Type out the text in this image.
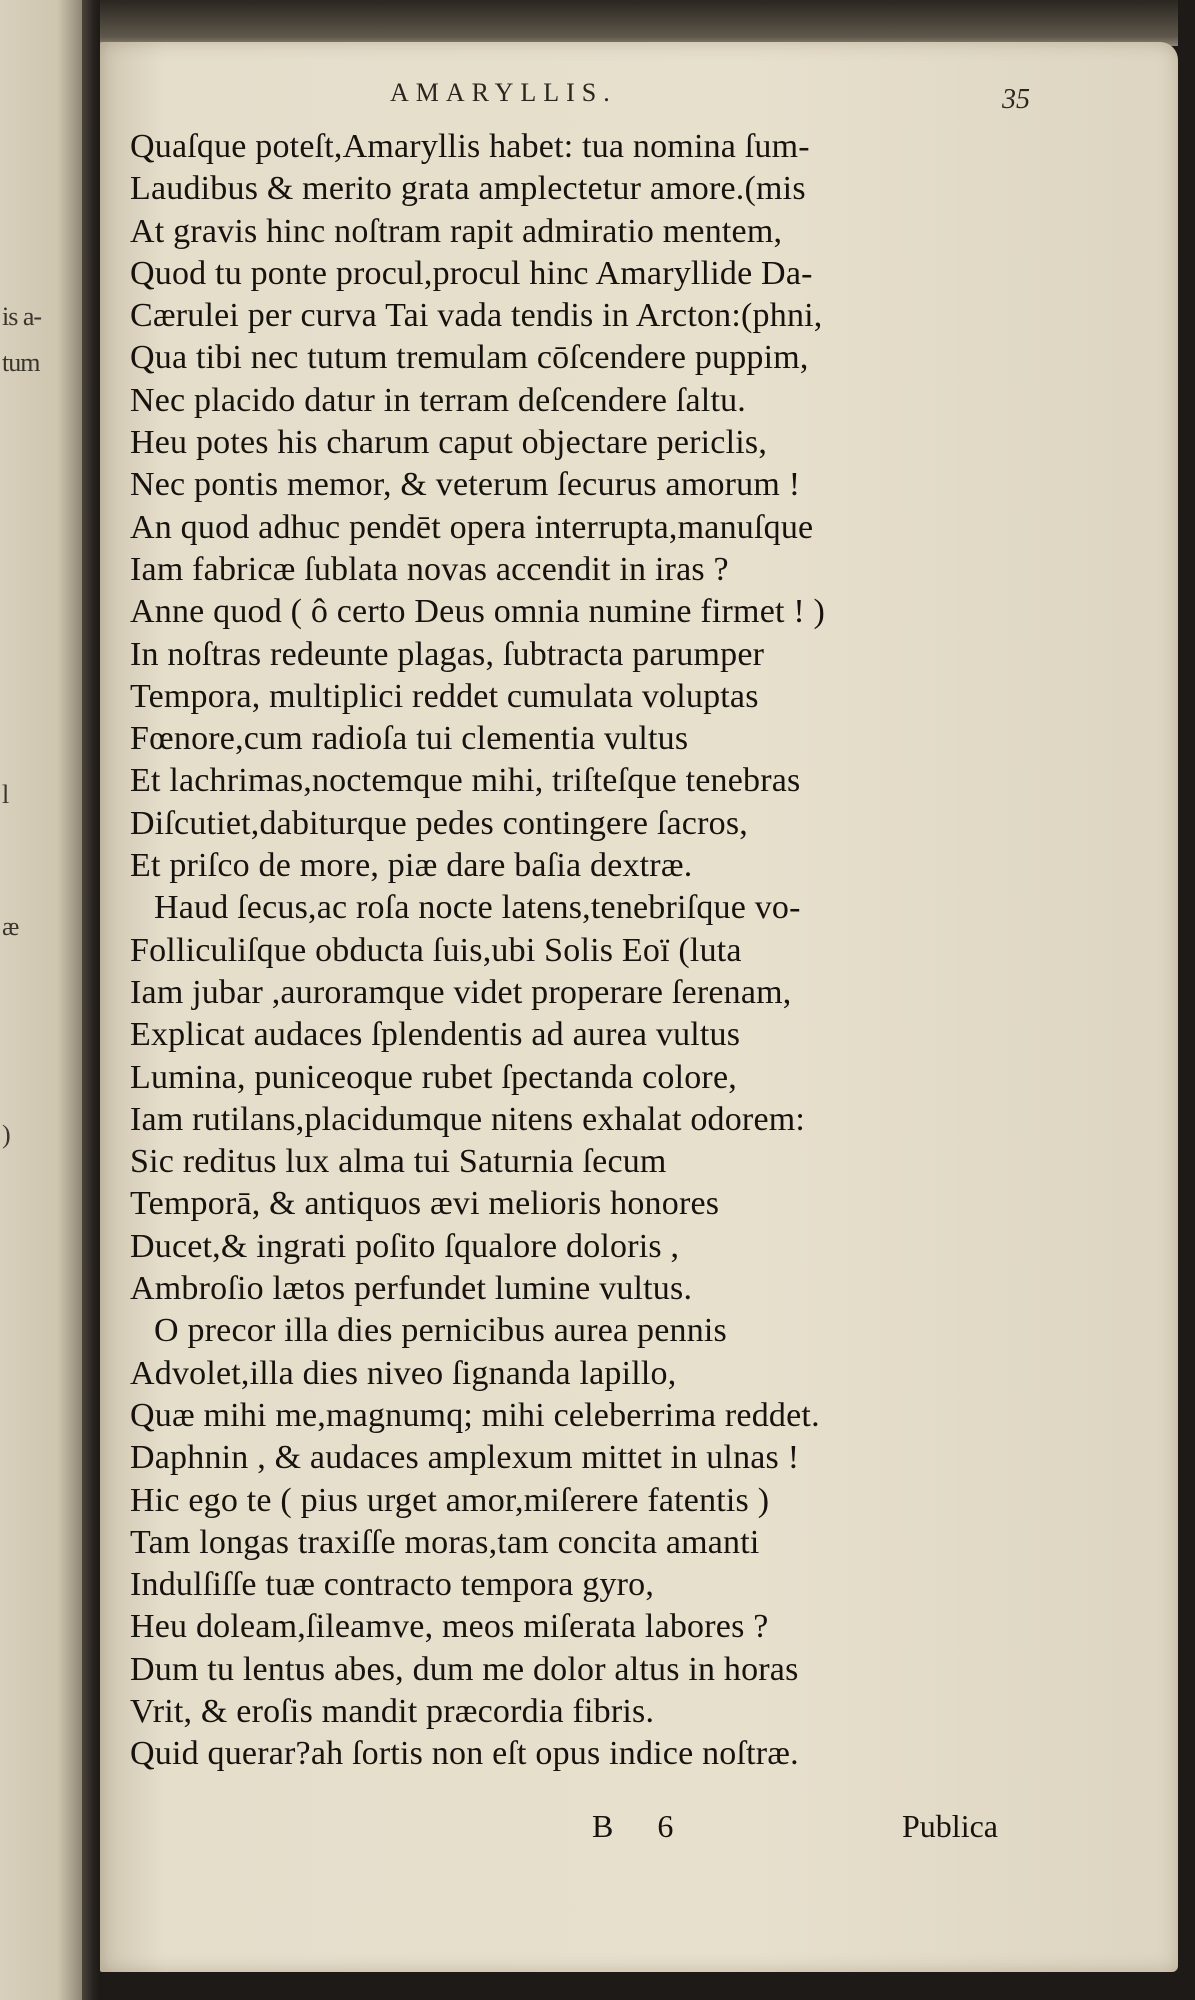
is a-
tum
l
æ
)
AMARYLLIS.	35
Quaſque poteſt,Amaryllis habet: tua nomina ſum-
Laudibus & merito grata amplectetur amore.(mis
At gravis hinc noſtram rapit admiratio mentem,
Quod tu ponte procul,procul hinc Amaryllide Da-
Cærulei per curva Tai vada tendis in Arcton:(phni,
Qua tibi nec tutum tremulam cōſcendere puppim,
Nec placido datur in terram deſcendere ſaltu.
Heu potes his charum caput objectare periclis,
Nec pontis memor, & veterum ſecurus amorum !
An quod adhuc pendēt opera interrupta,manuſque
Iam fabricæ ſublata novas accendit in iras ?
Anne quod ( ô certo Deus omnia numine firmet ! )
In noſtras redeunte plagas, ſubtracta parumper
Tempora, multiplici reddet cumulata voluptas
Fœnore,cum radioſa tui clementia vultus
Et lachrimas,noctemque mihi, triſteſque tenebras
Diſcutiet,dabiturque pedes contingere ſacros,
Et priſco de more, piæ dare baſia dextræ.
Haud ſecus,ac roſa nocte latens,tenebriſque vo-
Folliculiſque obducta ſuis,ubi Solis Eoï (luta
Iam jubar ,auroramque videt properare ſerenam,
Explicat audaces ſplendentis ad aurea vultus
Lumina, puniceoque rubet ſpectanda colore,
Iam rutilans,placidumque nitens exhalat odorem:
Sic reditus lux alma tui Saturnia ſecum
Temporā, & antiquos ævi melioris honores
Ducet,& ingrati poſito ſqualore doloris ,
Ambroſio lætos perfundet lumine vultus.
O precor illa dies pernicibus aurea pennis
Advolet,illa dies niveo ſignanda lapillo,
Quæ mihi me,magnumq; mihi celeberrima reddet.
Daphnin , & audaces amplexum mittet in ulnas !
Hic ego te ( pius urget amor,miſerere fatentis )
Tam longas traxiſſe moras,tam concita amanti
Indulſiſſe tuæ contracto tempora gyro,
Heu doleam,ſileamve, meos miſerata labores ?
Dum tu lentus abes, dum me dolor altus in horas
Vrit, & eroſis mandit præcordia fibris.
Quid querar?ah ſortis non eſt opus indice noſtræ.
B 6	Publica
